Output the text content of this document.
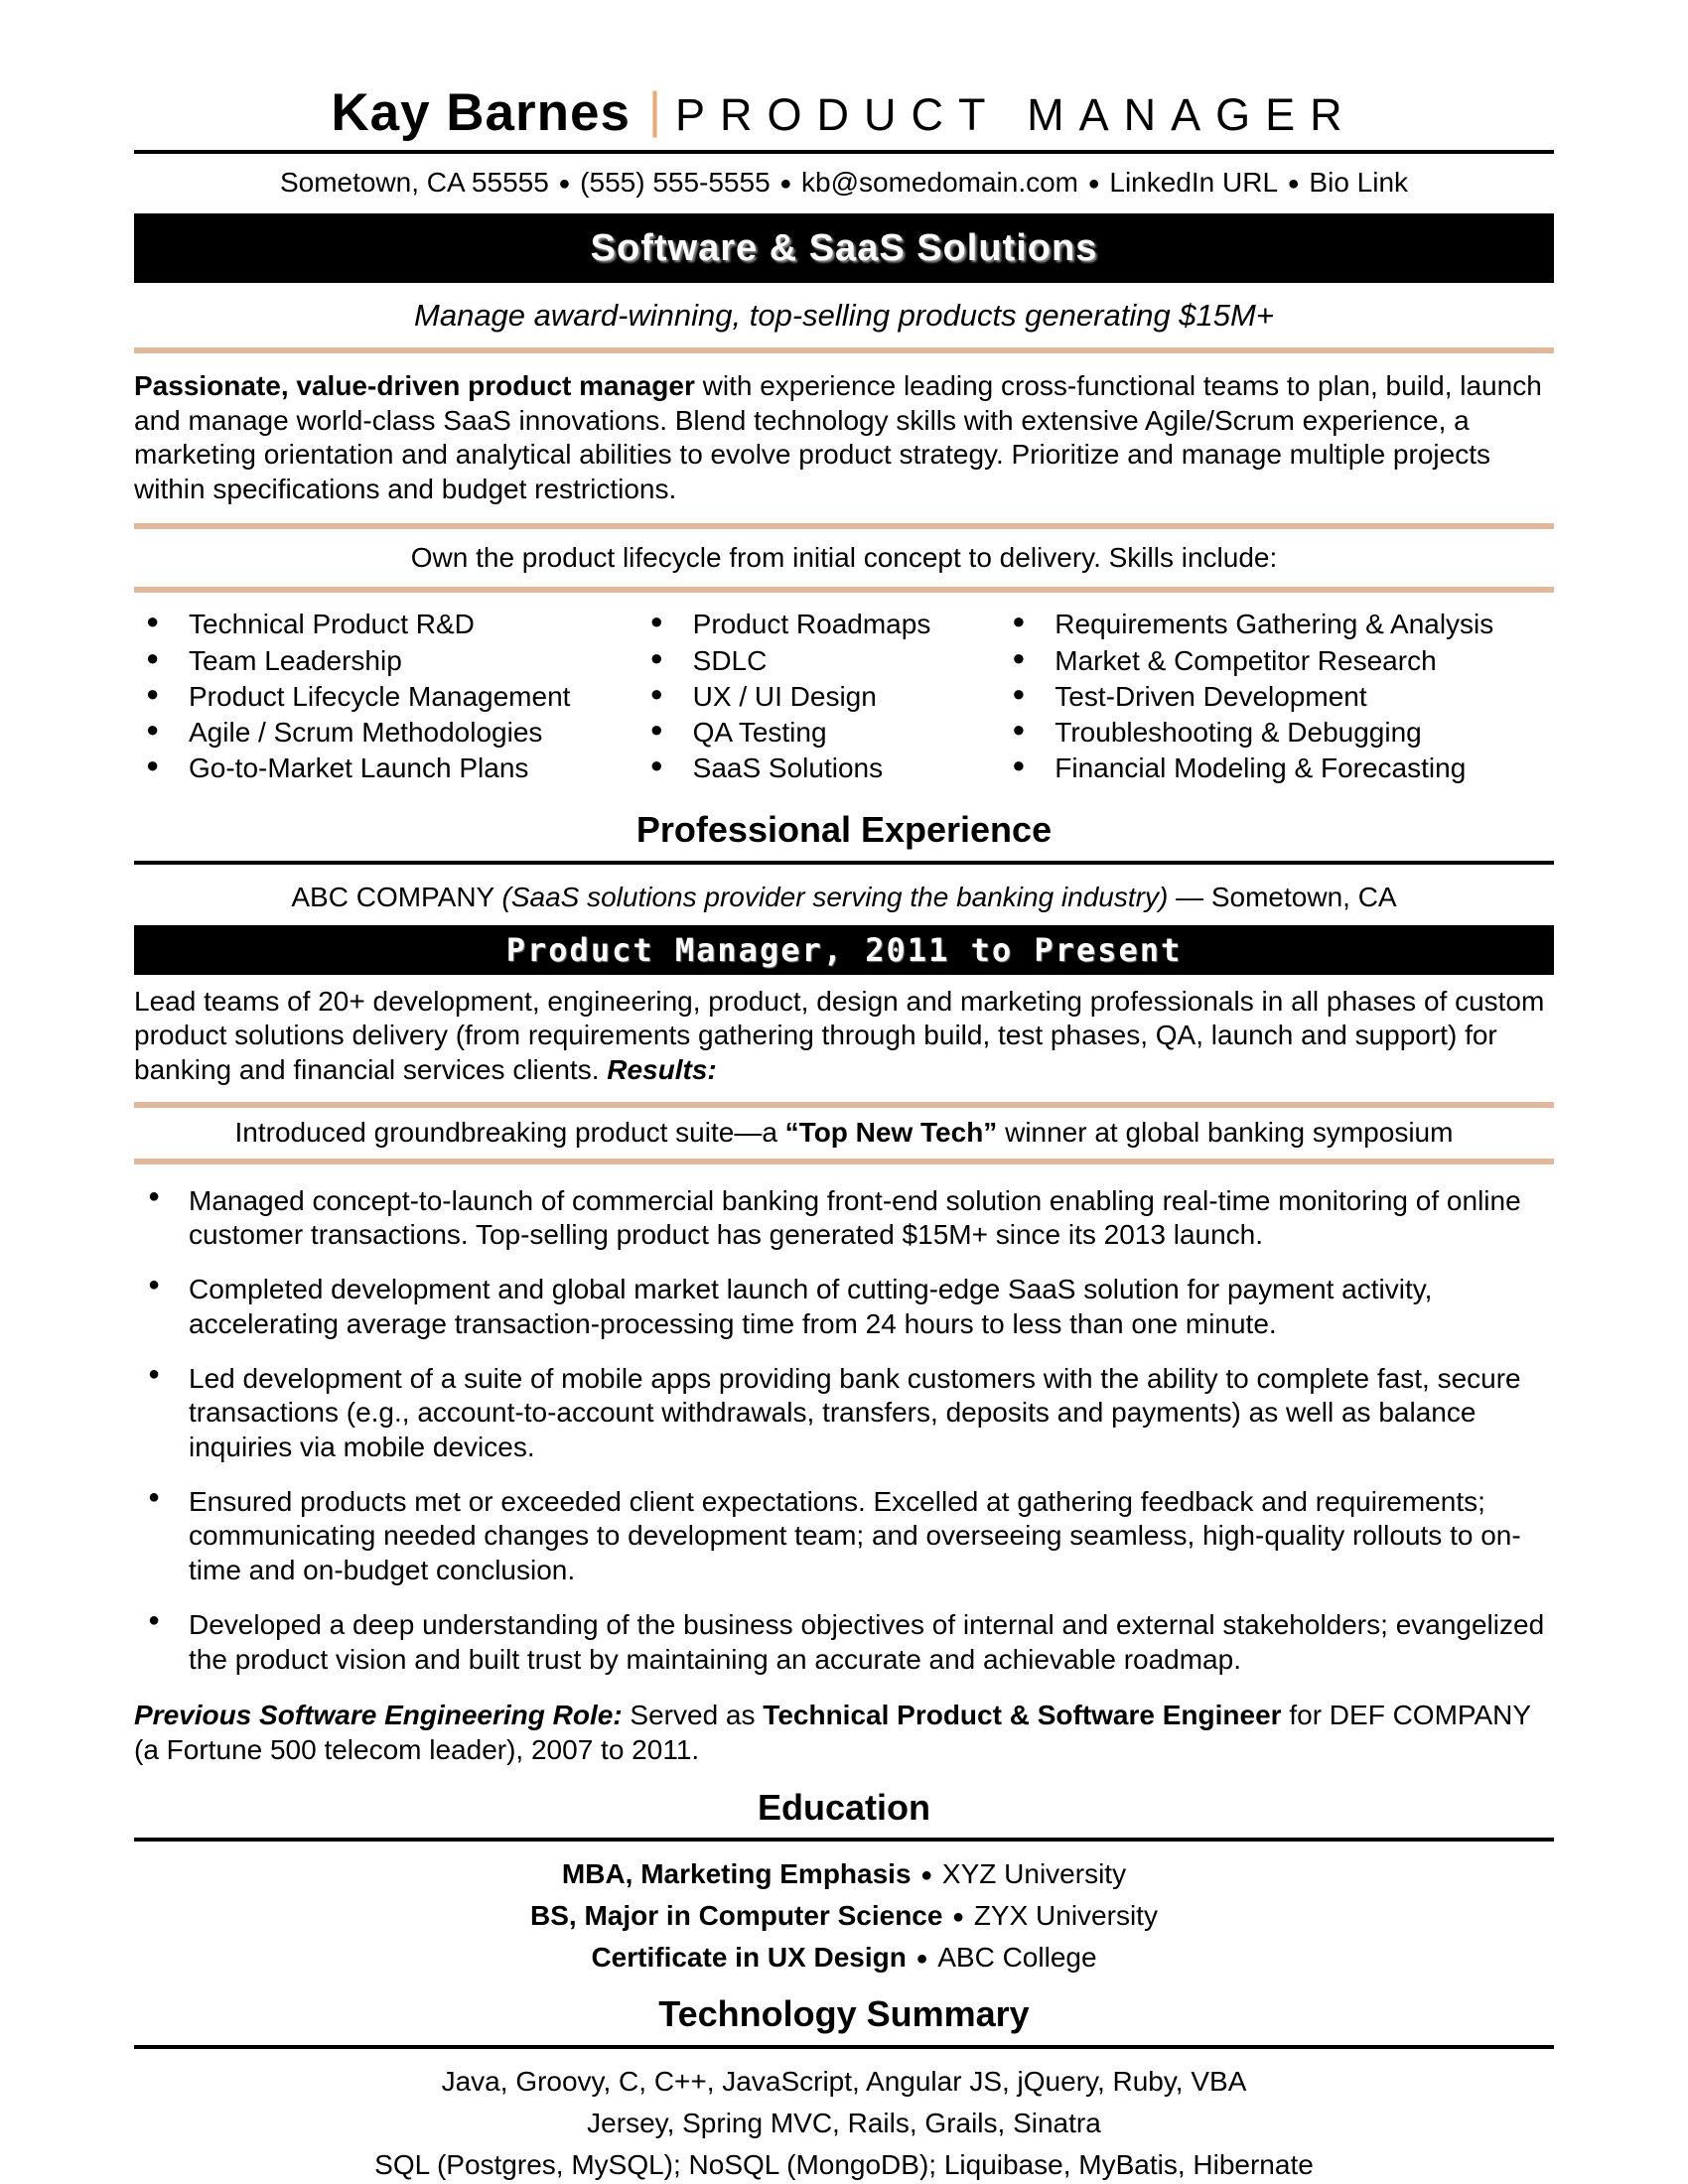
Kay Barnes | PRODUCT MANAGER
Sometown, CA 55555 ● (555) 555-5555 ● kb@somedomain.com ● LinkedIn URL ● Bio Link
Software & SaaS Solutions
Manage award-winning, top-selling products generating $15M+

Passionate, value-driven product manager with experience leading cross-functional teams to plan, build, launch and manage world-class SaaS innovations. Blend technology skills with extensive Agile/Scrum experience, a marketing orientation and analytical abilities to evolve product strategy. Prioritize and manage multiple projects within specifications and budget restrictions.

Own the product lifecycle from initial concept to delivery. Skills include:
● Technical Product R&D
● Team Leadership
● Product Lifecycle Management
● Agile / Scrum Methodologies
● Go-to-Market Launch Plans
● Product Roadmaps
● SDLC
● UX / UI Design
● QA Testing
● SaaS Solutions
● Requirements Gathering & Analysis
● Market & Competitor Research
● Test-Driven Development
● Troubleshooting & Debugging
● Financial Modeling & Forecasting
Professional Experience
ABC COMPANY (SaaS solutions provider serving the banking industry) — Sometown, CA
Product Manager, 2011 to Present

Lead teams of 20+ development, engineering, product, design and marketing professionals in all phases of custom product solutions delivery (from requirements gathering through build, test phases, QA, launch and support) for banking and financial services clients. Results:

Introduced groundbreaking product suite—a “Top New Tech” winner at global banking symposium
● Managed concept-to-launch of commercial banking front-end solution enabling real-time monitoring of online customer transactions. Top-selling product has generated $15M+ since its 2013 launch.
● Completed development and global market launch of cutting-edge SaaS solution for payment activity, accelerating average transaction-processing time from 24 hours to less than one minute.
● Led development of a suite of mobile apps providing bank customers with the ability to complete fast, secure transactions (e.g., account-to-account withdrawals, transfers, deposits and payments) as well as balance inquiries via mobile devices.
● Ensured products met or exceeded client expectations. Excelled at gathering feedback and requirements; communicating needed changes to development team; and overseeing seamless, high-quality rollouts to on-time and on-budget conclusion.
● Developed a deep understanding of the business objectives of internal and external stakeholders; evangelized the product vision and built trust by maintaining an accurate and achievable roadmap.

Previous Software Engineering Role: Served as Technical Product & Software Engineer for DEF COMPANY (a Fortune 500 telecom leader), 2007 to 2011.

Education
MBA, Marketing Emphasis ● XYZ University
BS, Major in Computer Science ● ZYX University
Certificate in UX Design ● ABC College
Technology Summary
Java, Groovy, C, C++, JavaScript, Angular JS, jQuery, Ruby, VBA
Jersey, Spring MVC, Rails, Grails, Sinatra
SQL (Postgres, MySQL); NoSQL (MongoDB); Liquibase, MyBatis, Hibernate
